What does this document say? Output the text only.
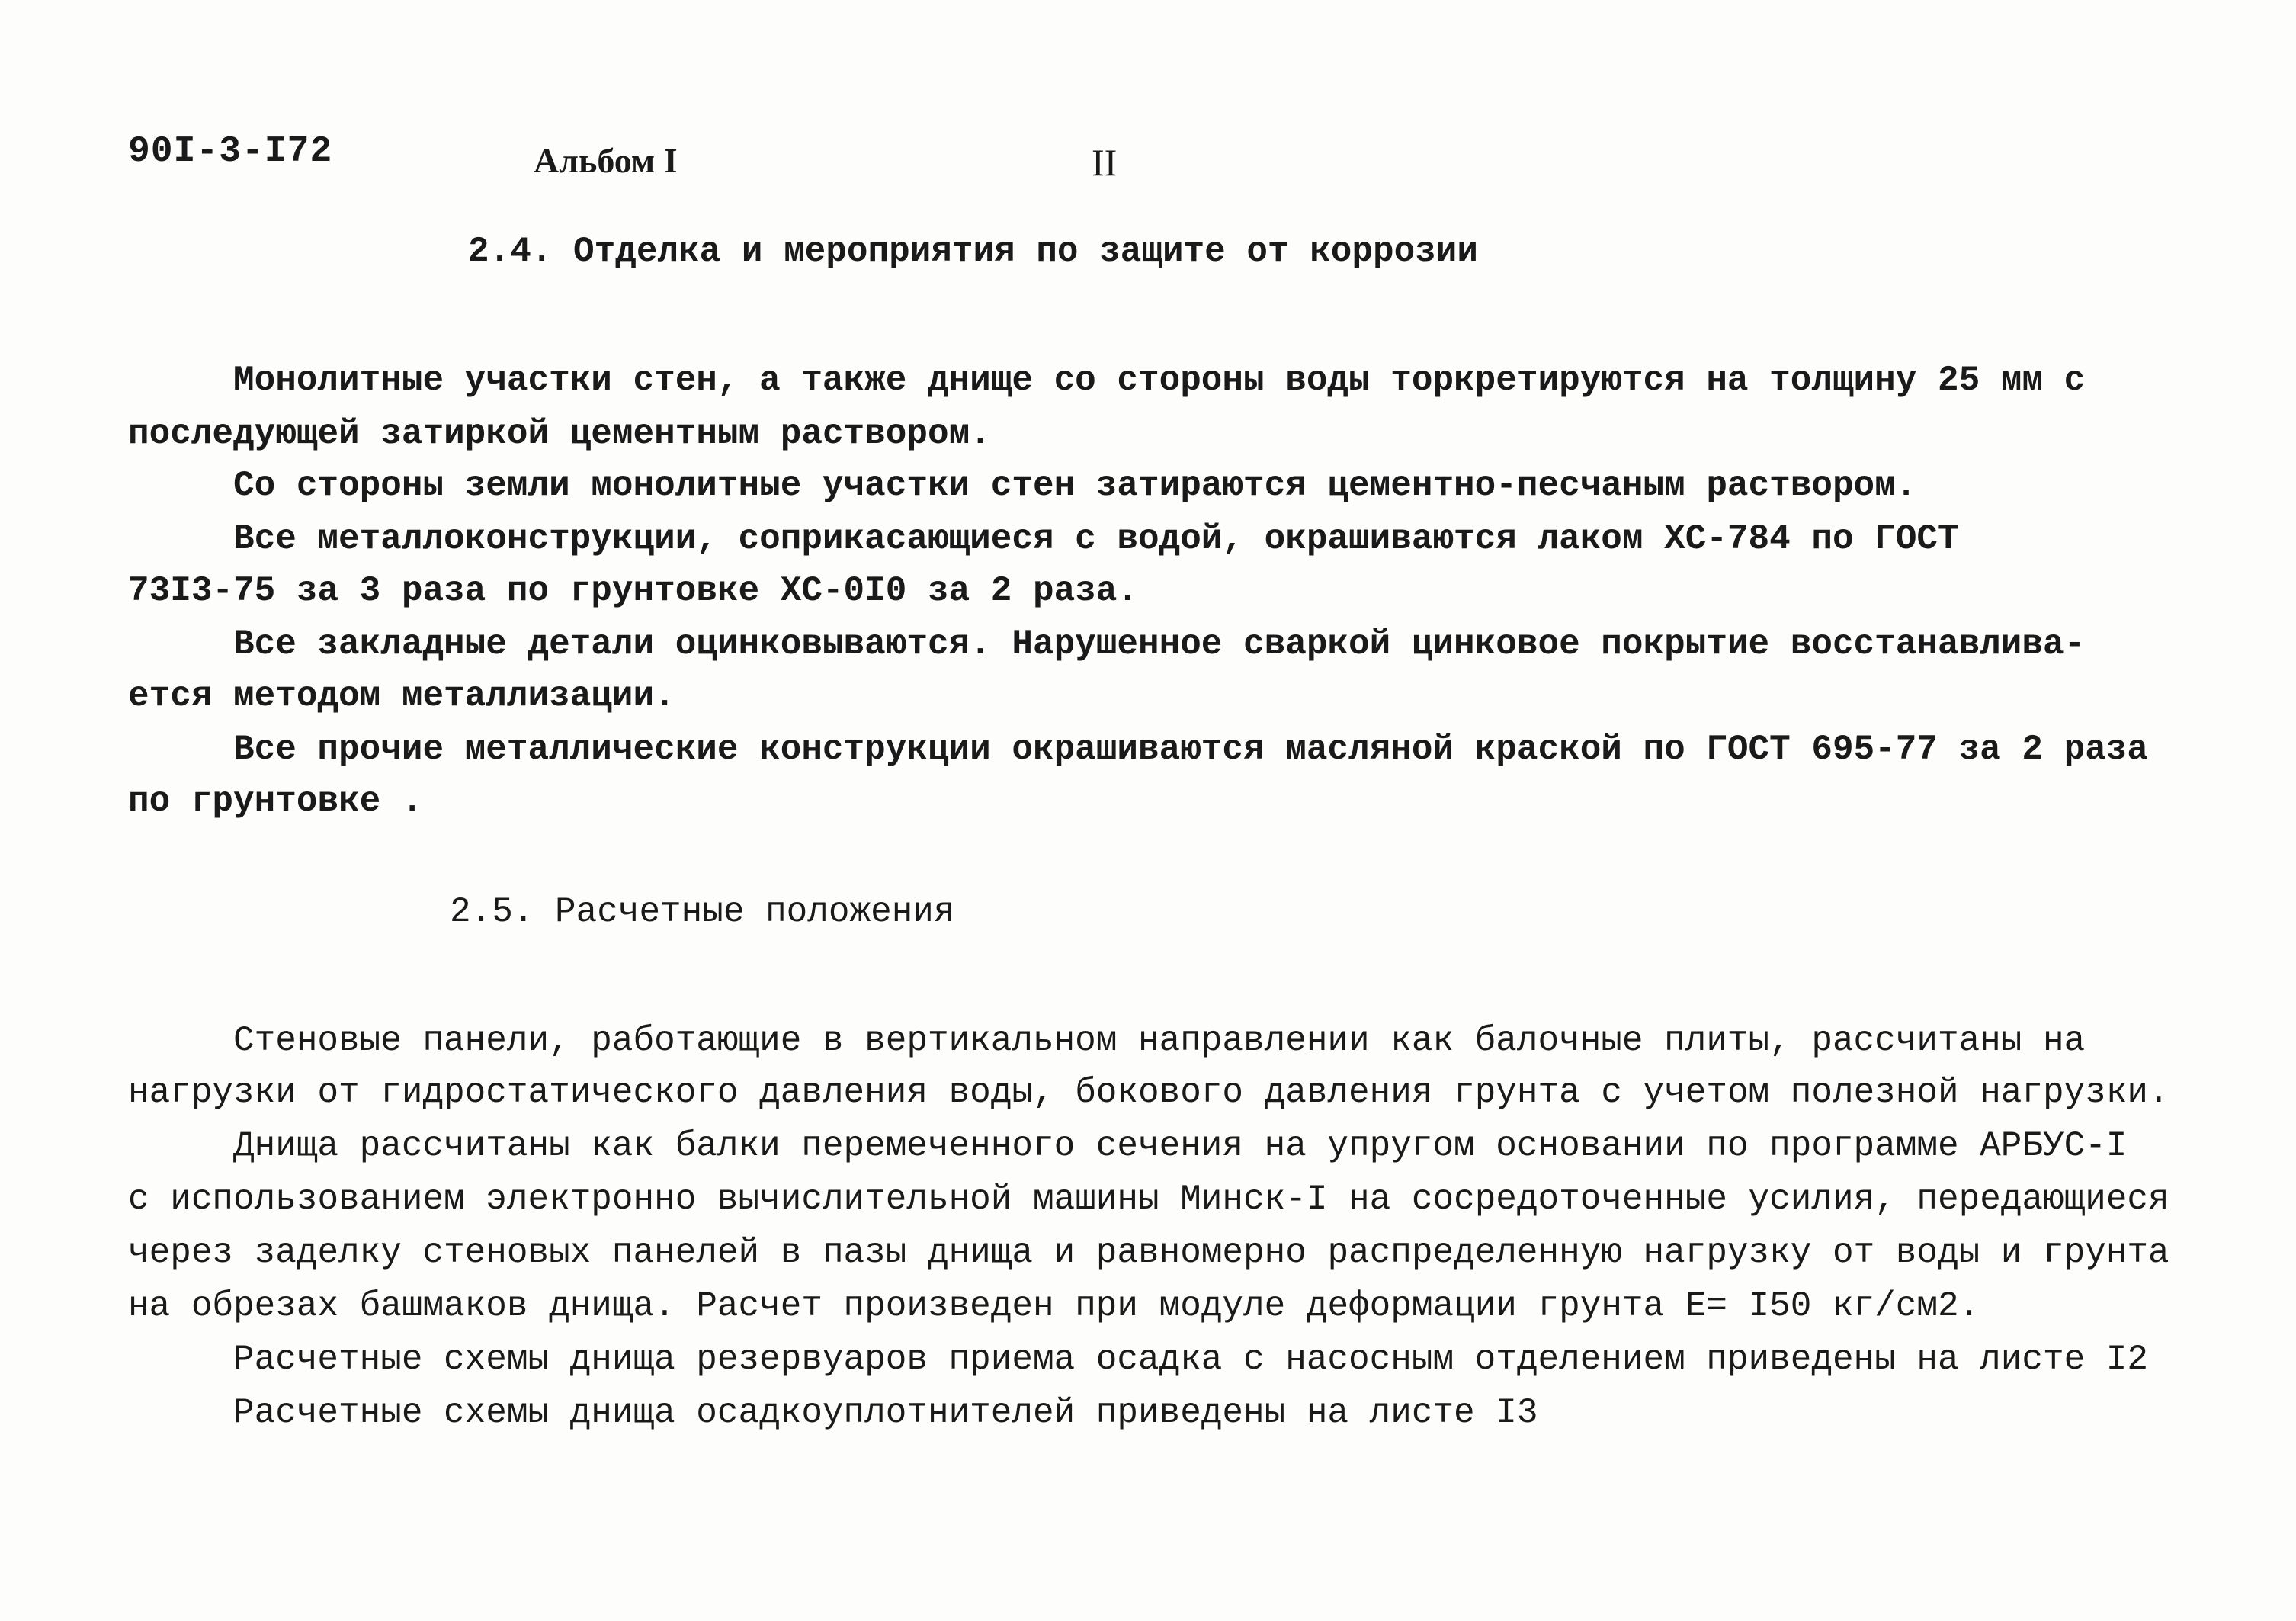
90I-3-I72	Альбом I	II
2.4. Отделка и мероприятия по защите от коррозии
Монолитные участки стен, а также днище со стороны воды торкретируются на толщину 25 мм с
последующей затиркой цементным раствором.
Со стороны земли монолитные участки стен затираются цементно-песчаным раствором.
Все металлоконструкции, соприкасающиеся с водой, окрашиваются лаком ХС-784 по ГОСТ
73I3-75 за 3 раза по грунтовке ХС-0I0 за 2 раза.
Все закладные детали оцинковываются. Нарушенное сваркой цинковое покрытие восстанавлива-
ется методом металлизации.
Все прочие металлические конструкции окрашиваются масляной краской по ГОСТ 695-77 за 2 раза
по грунтовке .
2.5. Расчетные положения
Стеновые панели, работающие в вертикальном направлении как балочные плиты, рассчитаны на
нагрузки от гидростатического давления воды, бокового давления грунта с учетом полезной нагрузки.
Днища рассчитаны как балки перемеченного сечения на упругом основании по программе АРБУС-I
с использованием электронно вычислительной машины Минск-I на сосредоточенные усилия, передающиеся
через заделку стеновых панелей в пазы днища и равномерно распределенную нагрузку от воды и грунта
на обрезах башмаков днища. Расчет произведен при модуле деформации грунта Е= I50 кг/см2.
Расчетные схемы днища резервуаров приема осадка с насосным отделением приведены на листе I2
Расчетные схемы днища осадкоуплотнителей приведены на листе I3
